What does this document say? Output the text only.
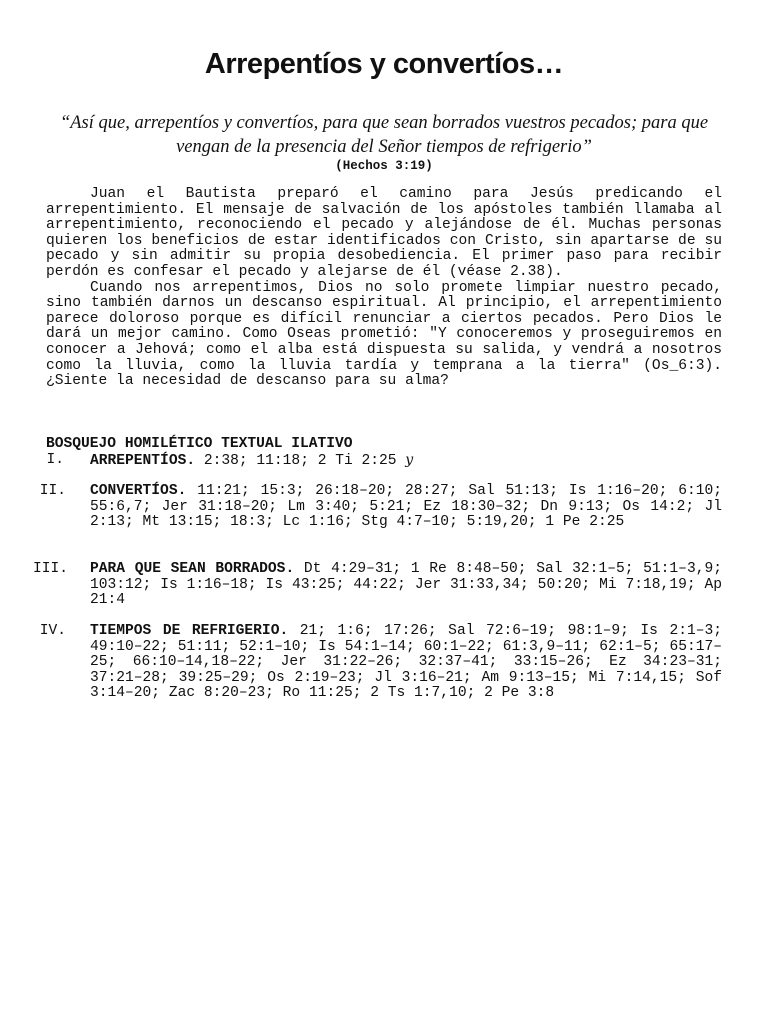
Arrepentíos y convertíos…

“Así que, arrepentíos y convertíos, para que sean borrados vuestros pecados; para que vengan de la presencia del Señor tiempos de refrigerio”

(Hechos 3:19)

Juan el Bautista preparó el camino para Jesús predicando el arrepentimiento. El mensaje de salvación de los apóstoles también llamaba al arrepentimiento, reconociendo el pecado y alejándose de él. Muchas personas quieren los beneficios de estar identificados con Cristo, sin apartarse de su pecado y sin admitir su propia desobediencia. El primer paso para recibir perdón es confesar el pecado y alejarse de él (véase 2.38).

Cuando nos arrepentimos, Dios no solo promete limpiar nuestro pecado, sino también darnos un descanso espiritual. Al principio, el arrepentimiento parece doloroso porque es difícil renunciar a ciertos pecados. Pero Dios le dará un mejor camino. Como Oseas prometió: "Y conoceremos y proseguiremos en conocer a Jehová; como el alba está dispuesta su salida, y vendrá a nosotros como la lluvia, como la lluvia tardía y temprana a la tierra" (Os_6:3). ¿Siente la necesidad de descanso para su alma?

BOSQUEJO HOMILÉTICO TEXTUAL ILATIVO

I. ARREPENTÍOS. 2:38; 11:18; 2 Ti 2:25 y

II. CONVERTÍOS. 11:21; 15:3; 26:18–20; 28:27; Sal 51:13; Is 1:16–20; 6:10; 55:6,7; Jer 31:18–20; Lm 3:40; 5:21; Ez 18:30–32; Dn 9:13; Os 14:2; Jl 2:13; Mt 13:15; 18:3; Lc 1:16; Stg 4:7–10; 5:19,20; 1 Pe 2:25

III. PARA QUE SEAN BORRADOS. Dt 4:29–31; 1 Re 8:48–50; Sal 32:1–5; 51:1–3,9; 103:12; Is 1:16–18; Is 43:25; 44:22; Jer 31:33,34; 50:20; Mi 7:18,19; Ap 21:4

IV. TIEMPOS DE REFRIGERIO. 21; 1:6; 17:26; Sal 72:6–19; 98:1–9; Is 2:1–3; 49:10–22; 51:11; 52:1–10; Is 54:1–14; 60:1–22; 61:3,9–11; 62:1–5; 65:17–25; 66:10–14,18–22; Jer 31:22–26; 32:37–41; 33:15–26; Ez 34:23–31; 37:21–28; 39:25–29; Os 2:19–23; Jl 3:16–21; Am 9:13–15; Mi 7:14,15; Sof 3:14–20; Zac 8:20–23; Ro 11:25; 2 Ts 1:7,10; 2 Pe 3:8
